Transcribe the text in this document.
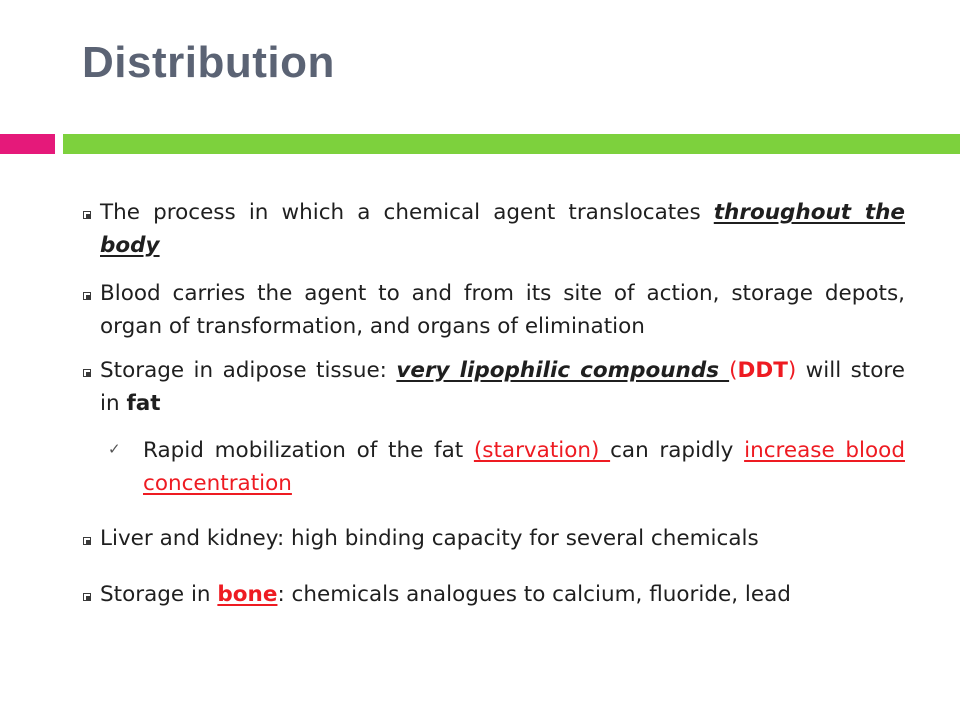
Distribution
The process in which a chemical agent translocates throughout the body
Blood carries the agent to and from its site of action, storage depots, organ of transformation, and organs of elimination
Storage in adipose tissue: very lipophilic compounds (DDT) will store in fat
✓ Rapid mobilization of the fat (starvation) can rapidly increase blood concentration
Liver and kidney: high binding capacity for several chemicals
Storage in bone: chemicals analogues to calcium, fluoride, lead
